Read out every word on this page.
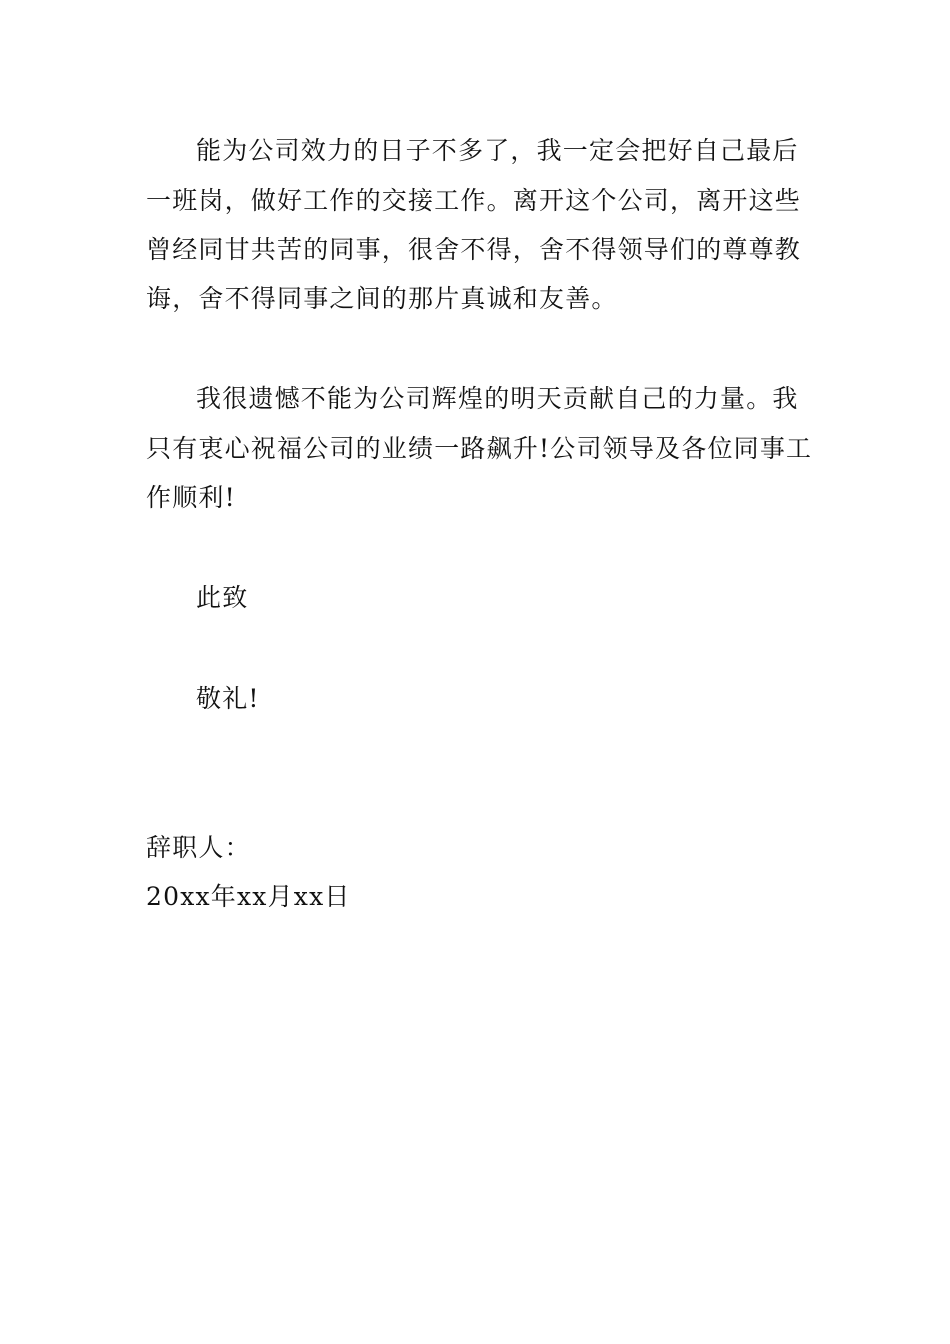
能为公司效力的日子不多了，我一定会把好自己最后
一班岗，做好工作的交接工作。离开这个公司，离开这些
曾经同甘共苦的同事，很舍不得，舍不得领导们的尊尊教
诲，舍不得同事之间的那片真诚和友善。
我很遗憾不能为公司辉煌的明天贡献自己的力量。我
只有衷心祝福公司的业绩一路飙升!公司领导及各位同事工
作顺利!
此致
敬礼!
辞职人：
20xx年xx月xx日
